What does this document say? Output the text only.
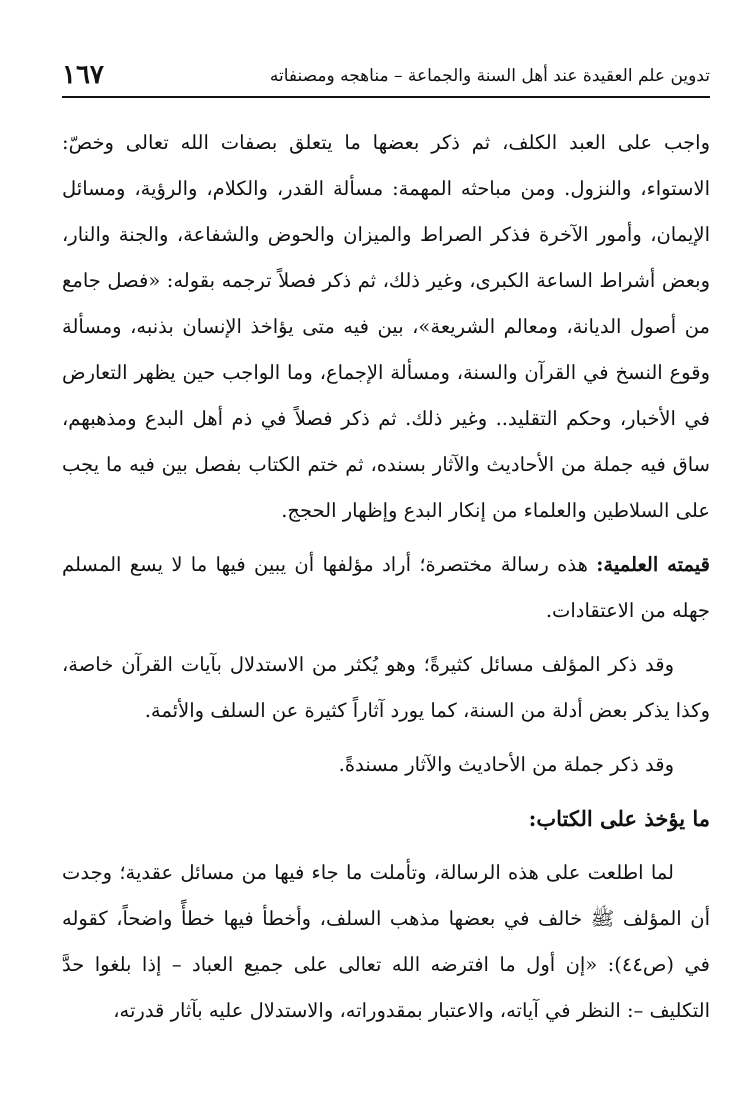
تدوين علم العقيدة عند أهل السنة والجماعة – مناهجه ومصنفاته
١٦٧

واجب على العبد الكلف، ثم ذكر بعضها ما يتعلق بصفات الله تعالى وخصّ: الاستواء، والنزول. ومن مباحثه المهمة: مسألة القدر، والكلام، والرؤية، ومسائل الإيمان، وأمور الآخرة فذكر الصراط والميزان والحوض والشفاعة، والجنة والنار، وبعض أشراط الساعة الكبرى، وغير ذلك، ثم ذكر فصلاً ترجمه بقوله: «فصل جامع من أصول الديانة، ومعالم الشريعة»، بين فيه متى يؤاخذ الإنسان بذنبه، ومسألة وقوع النسخ في القرآن والسنة، ومسألة الإجماع، وما الواجب حين يظهر التعارض في الأخبار، وحكم التقليد.. وغير ذلك. ثم ذكر فصلاً في ذم أهل البدع ومذهبهم، ساق فيه جملة من الأحاديث والآثار بسنده، ثم ختم الكتاب بفصل بين فيه ما يجب على السلاطين والعلماء من إنكار البدع وإظهار الحجج.

قيمته العلمية: هذه رسالة مختصرة؛ أراد مؤلفها أن يبين فيها ما لا يسع المسلم جهله من الاعتقادات.

وقد ذكر المؤلف مسائل كثيرةً؛ وهو يُكثر من الاستدلال بآيات القرآن خاصة، وكذا يذكر بعض أدلة من السنة، كما يورد آثاراً كثيرة عن السلف والأئمة.

وقد ذكر جملة من الأحاديث والآثار مسندةً.

ما يؤخذ على الكتاب:

لما اطلعت على هذه الرسالة، وتأملت ما جاء فيها من مسائل عقدية؛ وجدت أن المؤلف ﷺ خالف في بعضها مذهب السلف، وأخطأ فيها خطأً واضحاً، كقوله في (ص٤٤): «إن أول ما افترضه الله تعالى على جميع العباد – إذا بلغوا حدَّ التكليف –: النظر في آياته، والاعتبار بمقدوراته، والاستدلال عليه بآثار قدرته،
